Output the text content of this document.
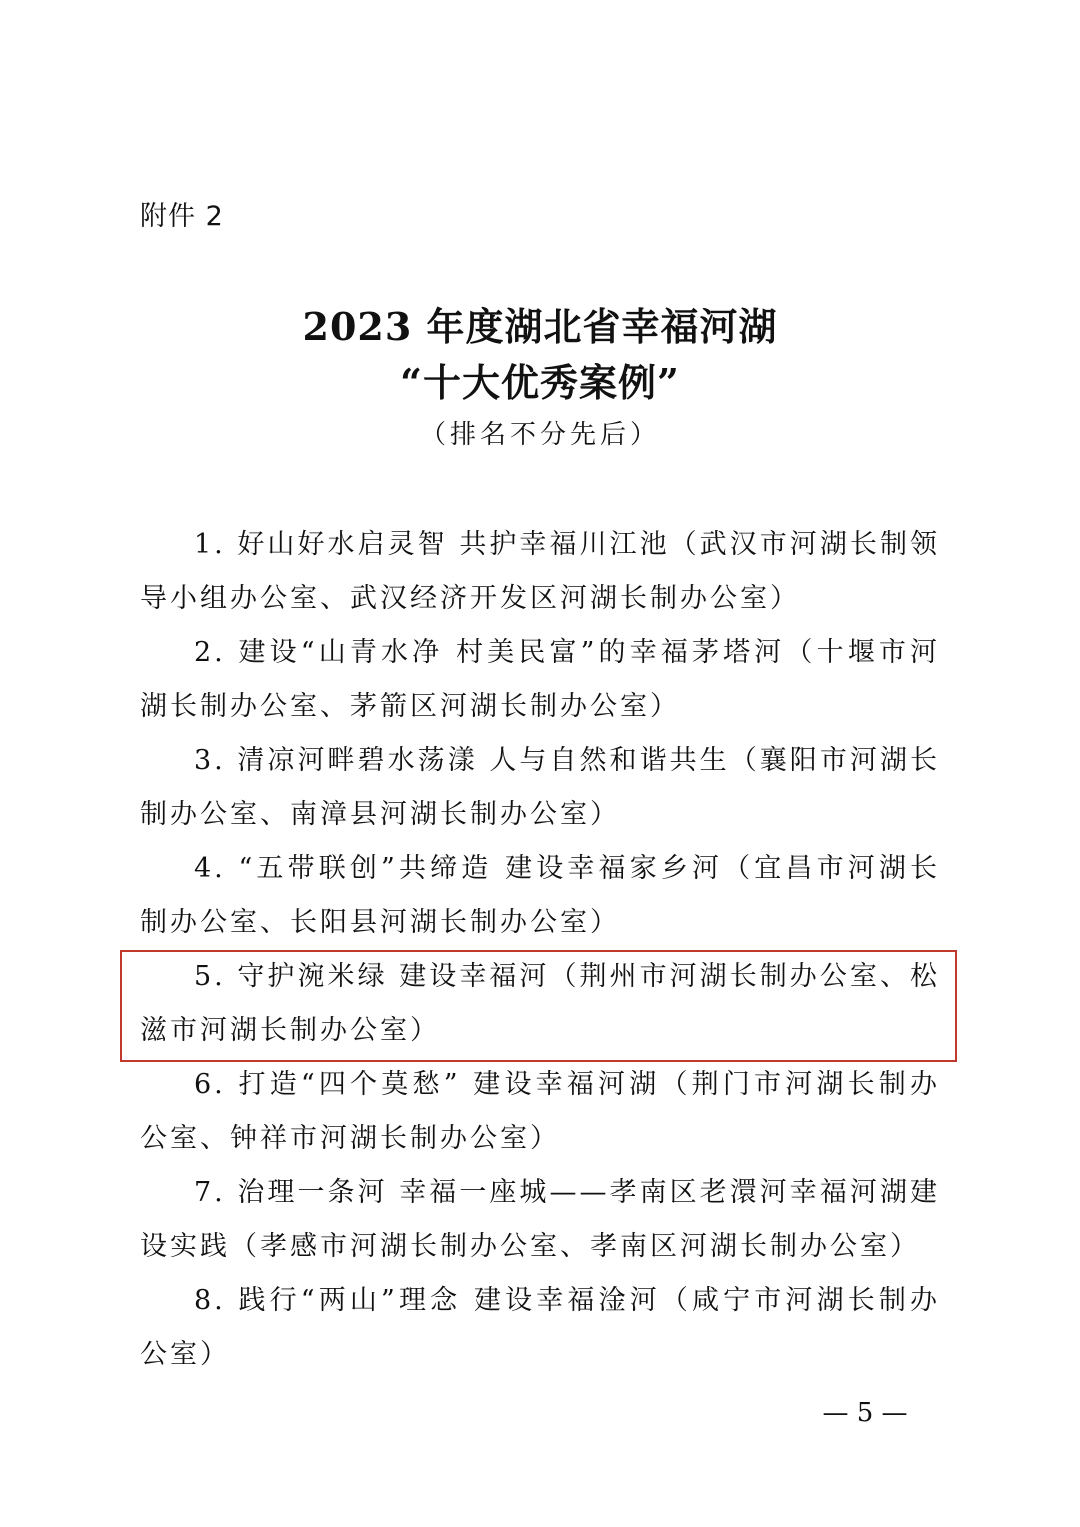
附件 2
2023 年度湖北省幸福河湖
“十大优秀案例”
（排名不分先后）
1. 好山好水启灵智 共护幸福川江池（武汉市河湖长制领导小组办公室、武汉经济开发区河湖长制办公室）
2. 建设“山青水净 村美民富”的幸福茅塔河（十堰市河湖长制办公室、茅箭区河湖长制办公室）
3. 清凉河畔碧水荡漾 人与自然和谐共生（襄阳市河湖长制办公室、南漳县河湖长制办公室）
4. “五带联创”共缔造 建设幸福家乡河（宜昌市河湖长制办公室、长阳县河湖长制办公室）
5. 守护涴米绿 建设幸福河（荆州市河湖长制办公室、松滋市河湖长制办公室）
6. 打造“四个莫愁” 建设幸福河湖（荆门市河湖长制办公室、钟祥市河湖长制办公室）
7. 治理一条河 幸福一座城——孝南区老澴河幸福河湖建设实践（孝感市河湖长制办公室、孝南区河湖长制办公室）
8. 践行“两山”理念 建设幸福淦河（咸宁市河湖长制办公室）
— 5 —
